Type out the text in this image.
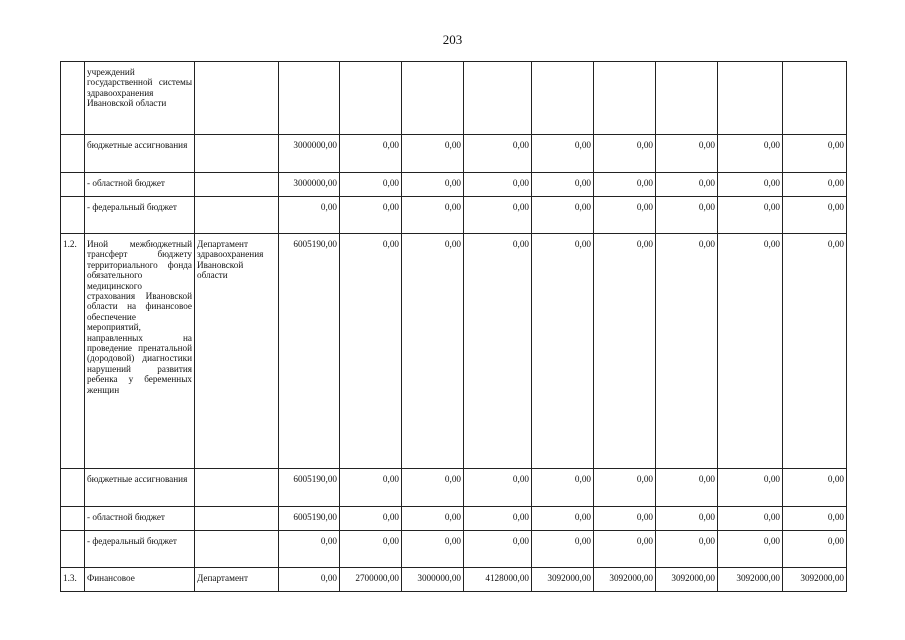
203
	учреждений государственной системы здравоохранения Ивановской области										
	бюджетные ассигнования		3000000,00	0,00	0,00	0,00	0,00	0,00	0,00	0,00	0,00
	- областной бюджет		3000000,00	0,00	0,00	0,00	0,00	0,00	0,00	0,00	0,00
	- федеральный бюджет		0,00	0,00	0,00	0,00	0,00	0,00	0,00	0,00	0,00
1.2.	Иной межбюджетный трансферт бюджету территориального фонда обязательного медицинского страхования Ивановской области на финансовое обеспечение мероприятий, направленных на проведение пренатальной (дородовой) диагностики нарушений развития ребенка у беременных женщин	Департамент здравоохранения Ивановской области	6005190,00	0,00	0,00	0,00	0,00	0,00	0,00	0,00	0,00
	бюджетные ассигнования		6005190,00	0,00	0,00	0,00	0,00	0,00	0,00	0,00	0,00
	- областной бюджет		6005190,00	0,00	0,00	0,00	0,00	0,00	0,00	0,00	0,00
	- федеральный бюджет		0,00	0,00	0,00	0,00	0,00	0,00	0,00	0,00	0,00
1.3.	Финансовое	Департамент	0,00	2700000,00	3000000,00	4128000,00	3092000,00	3092000,00	3092000,00	3092000,00	3092000,00
